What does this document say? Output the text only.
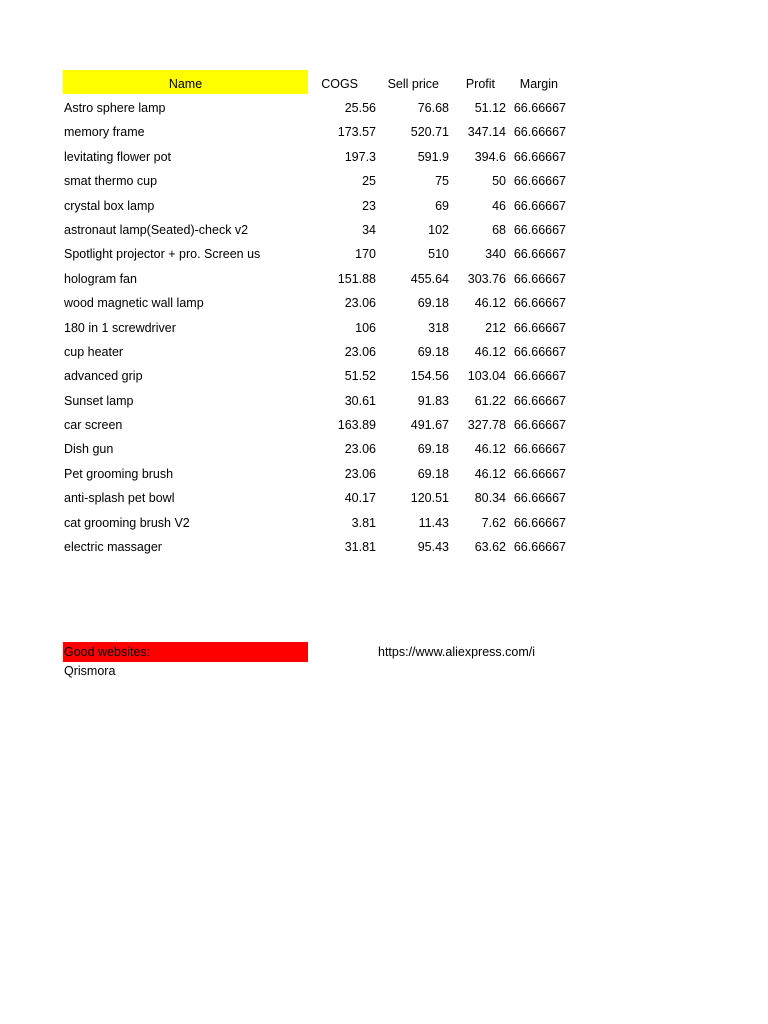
Name	COGS	Sell price	Profit	Margin
Astro sphere lamp	25.56	76.68	51.12 66.66667
memory frame	173.57	520.71	347.14 66.66667
levitating flower pot	197.3	591.9	394.6 66.66667
smat thermo cup	25	75	50 66.66667
crystal box lamp	23	69	46 66.66667
astronaut lamp(Seated)-check v2	34	102	68 66.66667
Spotlight projector + pro. Screen us	170	510	340 66.66667
hologram fan	151.88	455.64	303.76 66.66667
wood magnetic wall lamp	23.06	69.18	46.12 66.66667
180 in 1 screwdriver	106	318	212 66.66667
cup heater	23.06	69.18	46.12 66.66667
advanced grip	51.52	154.56	103.04 66.66667
Sunset lamp	30.61	91.83	61.22 66.66667
car screen	163.89	491.67	327.78 66.66667
Dish gun	23.06	69.18	46.12 66.66667
Pet grooming brush	23.06	69.18	46.12 66.66667
anti-splash pet bowl	40.17	120.51	80.34 66.66667
cat grooming brush V2	3.81	11.43	7.62 66.66667
electric massager	31.81	95.43	63.62 66.66667
Good websites:	https://www.aliexpress.com/i
Qrismora
